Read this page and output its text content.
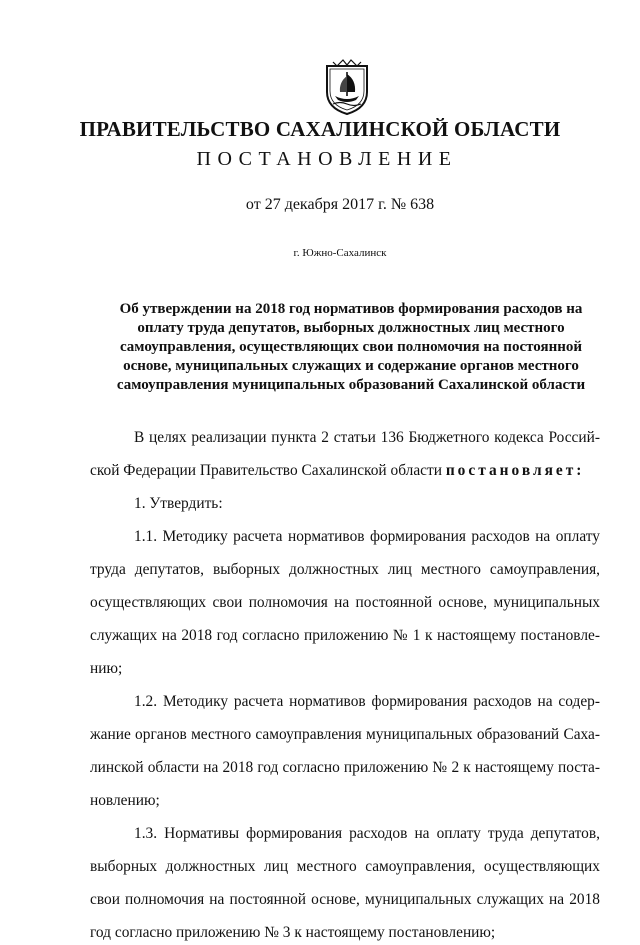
ПРАВИТЕЛЬСТВО САХАЛИНСКОЙ ОБЛАСТИ
ПОСТАНОВЛЕНИЕ
от 27 декабря 2017 г. № 638
г. Южно-Сахалинск
Об утверждении на 2018 год нормативов формирования расходов на
оплату труда депутатов, выборных должностных лиц местного
самоуправления, осуществляющих свои полномочия на постоянной
основе, муниципальных служащих и содержание органов местного
самоуправления муниципальных образований Сахалинской области
В целях реализации пункта 2 статьи 136 Бюджетного кодекса Россий-
ской Федерации Правительство Сахалинской области постановляет:
1. Утвердить:
1.1. Методику расчета нормативов формирования расходов на оплату
труда депутатов, выборных должностных лиц местного самоуправления,
осуществляющих свои полномочия на постоянной основе, муниципальных
служащих на 2018 год согласно приложению № 1 к настоящему постановле-
нию;
1.2. Методику расчета нормативов формирования расходов на содер-
жание органов местного самоуправления муниципальных образований Саха-
линской области на 2018 год согласно приложению № 2 к настоящему поста-
новлению;
1.3. Нормативы формирования расходов на оплату труда депутатов,
выборных должностных лиц местного самоуправления, осуществляющих
свои полномочия на постоянной основе, муниципальных служащих на 2018
год согласно приложению № 3 к настоящему постановлению;
